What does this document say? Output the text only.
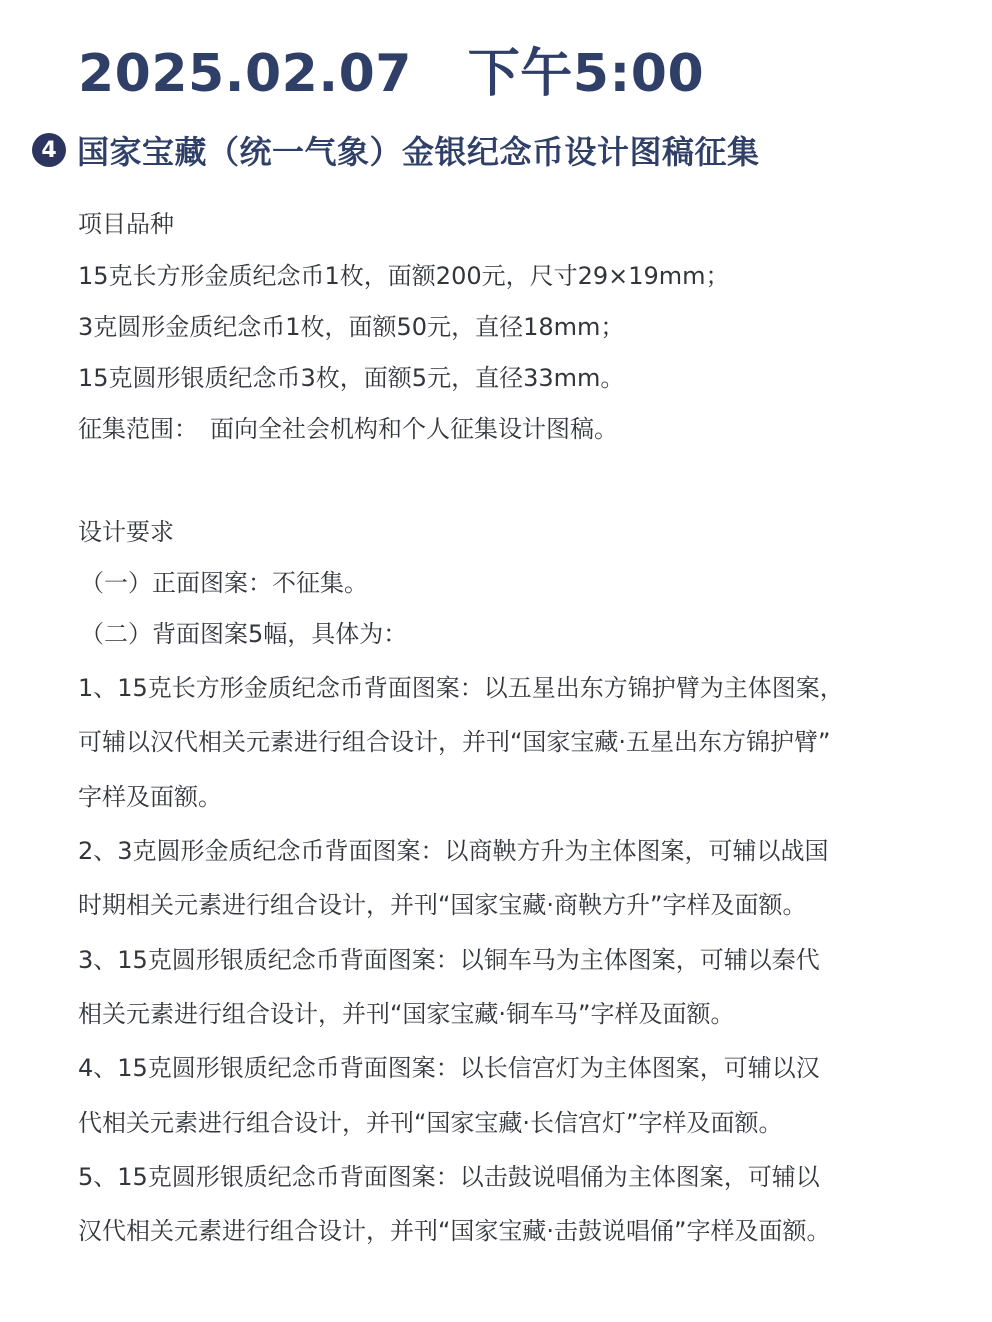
2025.02.07 下午5:00
4 国家宝藏（统一气象）金银纪念币设计图稿征集
项目品种
15克长方形金质纪念币1枚，面额200元，尺寸29×19mm；
3克圆形金质纪念币1枚，面额50元，直径18mm；
15克圆形银质纪念币3枚，面额5元，直径33mm。
征集范围：　面向全社会机构和个人征集设计图稿。
设计要求
（一）正面图案：不征集。
（二）背面图案5幅，具体为：
1、15克长方形金质纪念币背面图案：以五星出东方锦护臂为主体图案，
可辅以汉代相关元素进行组合设计，并刊“国家宝藏·五星出东方锦护臂”
字样及面额。
2、3克圆形金质纪念币背面图案：以商鞅方升为主体图案，可辅以战国
时期相关元素进行组合设计，并刊“国家宝藏·商鞅方升”字样及面额。
3、15克圆形银质纪念币背面图案：以铜车马为主体图案，可辅以秦代
相关元素进行组合设计，并刊“国家宝藏·铜车马”字样及面额。
4、15克圆形银质纪念币背面图案：以长信宫灯为主体图案，可辅以汉
代相关元素进行组合设计，并刊“国家宝藏·长信宫灯”字样及面额。
5、15克圆形银质纪念币背面图案：以击鼓说唱俑为主体图案，可辅以
汉代相关元素进行组合设计，并刊“国家宝藏·击鼓说唱俑”字样及面额。
